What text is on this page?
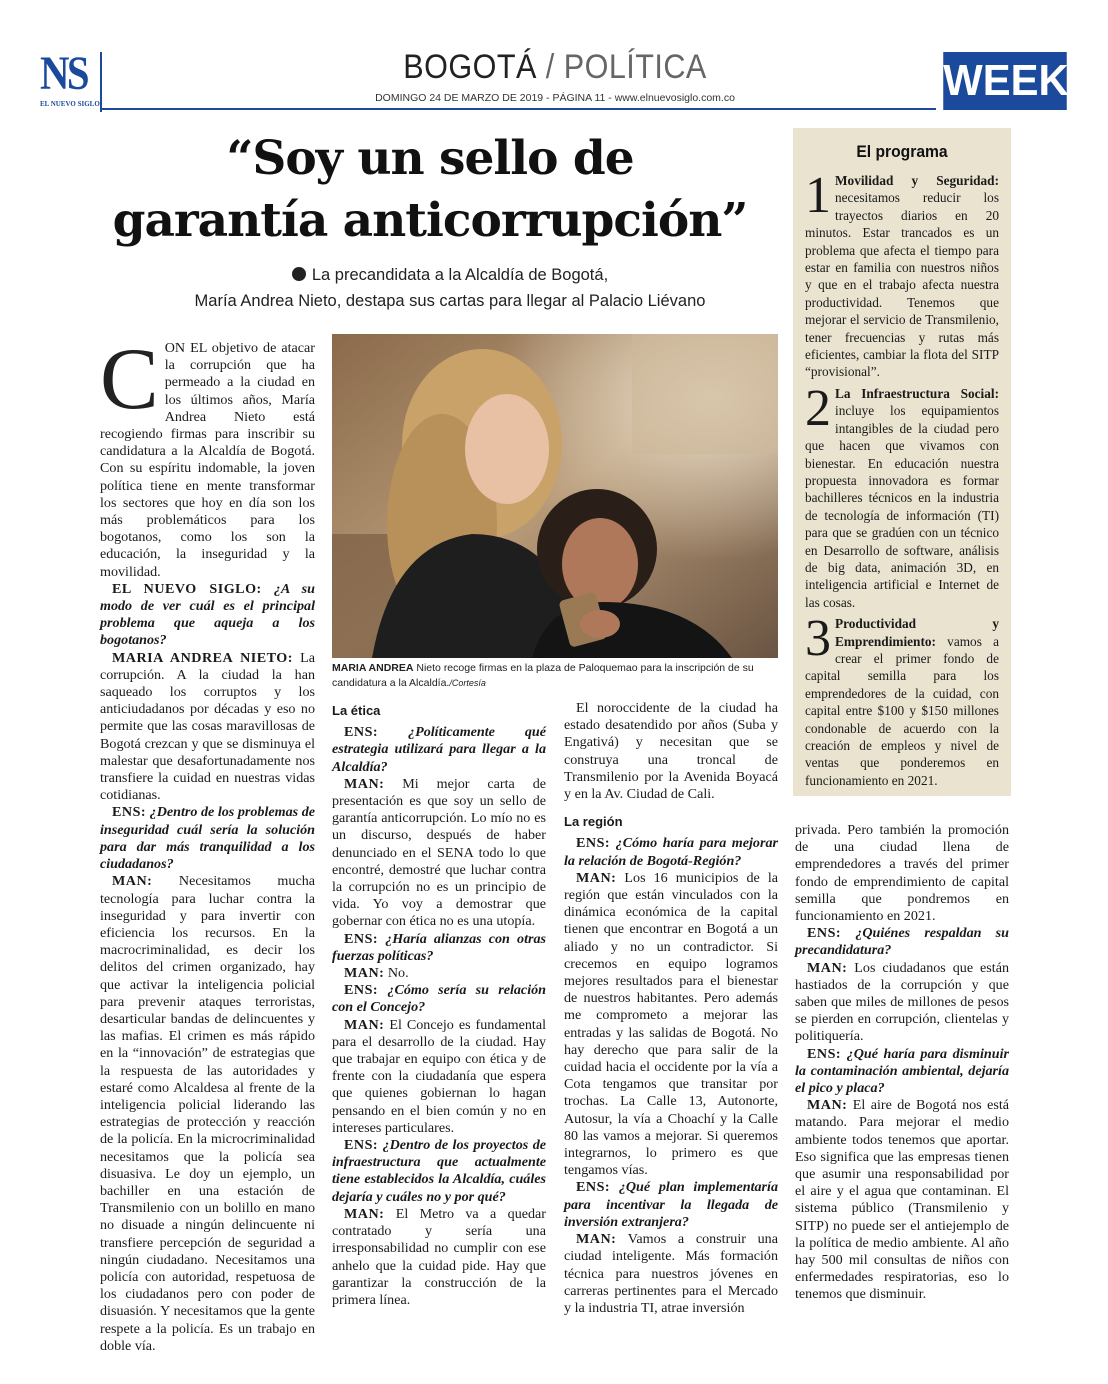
NS
EL NUEVO SIGLO
BOGOTÁ / POLÍTICA
DOMINGO 24 DE MARZO DE 2019 - PÁGINA 11 - www.elnuevosiglo.com.co	WEEK
“Soy un sello de
garantía anticorrupción”
La precandidata a la Alcaldía de Bogotá,
María Andrea Nieto, destapa sus cartas para llegar al Palacio Liévano
El programa
1 Movilidad y Seguridad: necesitamos reducir los trayectos diarios en 20 minutos. Estar trancados es un problema que afecta el tiempo para estar en familia con nuestros niños y que en el trabajo afecta nuestra productividad. Tenemos que mejorar el servicio de Transmilenio, tener frecuencias y rutas más eficientes, cambiar la flota del SITP “provisional”.
2 La Infraestructura Social: incluye los equipamientos intangibles de la ciudad pero que hacen que vivamos con bienestar. En educación nuestra propuesta innovadora es formar bachilleres técnicos en la industria de tecnología de información (TI) para que se gradúen con un técnico en Desarrollo de software, análisis de big data, animación 3D, en inteligencia artificial e Internet de las cosas.
3 Productividad y Emprendimiento: vamos a crear el primer fondo de capital semilla para los emprendedores de la cuidad, con capital entre $100 y $150 millones condonable de acuerdo con la creación de empleos y nivel de ventas que ponderemos en funcionamiento en 2021.
MARIA ANDREA Nieto recoge firmas en la plaza de Paloquemao para la inscripción de su candidatura a la Alcaldía./Cortesía
C ON EL objetivo de atacar la corrupción que ha permeado a la ciudad en los últimos años, María Andrea Nieto está recogiendo firmas para inscribir su candidatura a la Alcaldía de Bogotá. Con su espíritu indomable, la joven política tiene en mente transformar los sectores que hoy en día son los más problemáticos para los bogotanos, como los son la educación, la inseguridad y la movilidad.

EL NUEVO SIGLO: ¿A su modo de ver cuál es el principal problema que aqueja a los bogotanos?

MARIA ANDREA NIETO: La corrupción. A la ciudad la han saqueado los corruptos y los anticiudadanos por décadas y eso no permite que las cosas maravillosas de Bogotá crezcan y que se disminuya el malestar que desafortunadamente nos transfiere la cuidad en nuestras vidas cotidianas.

ENS: ¿Dentro de los problemas de inseguridad cuál sería la solución para dar más tranquilidad a los ciudadanos?

MAN: Necesitamos mucha tecnología para luchar contra la inseguridad y para invertir con eficiencia los recursos. En la macrocriminalidad, es decir los delitos del crimen organizado, hay que activar la inteligencia policial para prevenir ataques terroristas, desarticular bandas de delincuentes y las mafias. El crimen es más rápido en la “innovación” de estrategias que la respuesta de las autoridades y estaré como Alcaldesa al frente de la inteligencia policial liderando las estrategias de protección y reacción de la policía. En la microcriminalidad necesitamos que la policía sea disuasiva. Le doy un ejemplo, un bachiller en una estación de Transmilenio con un bolillo en mano no disuade a ningún delincuente ni transfiere percepción de seguridad a ningún ciudadano. Necesitamos una policía con autoridad, respetuosa de los ciudadanos pero con poder de disuasión. Y necesitamos que la gente respete a la policía. Es un trabajo en doble vía.

La ética

ENS: ¿Políticamente qué estrategia utilizará para llegar a la Alcaldía?

MAN: Mi mejor carta de presentación es que soy un sello de garantía anticorrupción. Lo mío no es un discurso, después de haber denunciado en el SENA todo lo que encontré, demostré que luchar contra la corrupción no es un principio de vida. Yo voy a demostrar que gobernar con ética no es una utopía.

ENS: ¿Haría alianzas con otras fuerzas políticas?

MAN: No.

ENS: ¿Cómo sería su relación con el Concejo?

MAN: El Concejo es fundamental para el desarrollo de la ciudad. Hay que trabajar en equipo con ética y de frente con la ciudadanía que espera que quienes gobiernan lo hagan pensando en el bien común y no en intereses particulares.

ENS: ¿Dentro de los proyectos de infraestructura que actualmente tiene establecidos la Alcaldía, cuáles dejaría y cuáles no y por qué?

MAN: El Metro va a quedar contratado y sería una irresponsabilidad no cumplir con ese anhelo que la cuidad pide. Hay que garantizar la construcción de la primera línea.

El noroccidente de la ciudad ha estado desatendido por años (Suba y Engativá) y necesitan que se construya una troncal de Transmilenio por la Avenida Boyacá y en la Av. Ciudad de Cali.

La región

ENS: ¿Cómo haría para mejorar la relación de Bogotá-Región?

MAN: Los 16 municipios de la región que están vinculados con la dinámica económica de la capital tienen que encontrar en Bogotá a un aliado y no un contradictor. Si crecemos en equipo logramos mejores resultados para el bienestar de nuestros habitantes. Pero además me comprometo a mejorar las entradas y las salidas de Bogotá. No hay derecho que para salir de la cuidad hacia el occidente por la vía a Cota tengamos que transitar por trochas. La Calle 13, Autonorte, Autosur, la vía a Choachí y la Calle 80 las vamos a mejorar. Si queremos integrarnos, lo primero es que tengamos vías.

ENS: ¿Qué plan implementaría para incentivar la llegada de inversión extranjera?

MAN: Vamos a construir una ciudad inteligente. Más formación técnica para nuestros jóvenes en carreras pertinentes para el Mercado y la industria TI, atrae inversión

privada. Pero también la promoción de una ciudad llena de emprendedores a través del primer fondo de emprendimiento de capital semilla que pondremos en funcionamiento en 2021.

ENS: ¿Quiénes respaldan su precandidatura?

MAN: Los ciudadanos que están hastiados de la corrupción y que saben que miles de millones de pesos se pierden en corrupción, clientelas y politiquería.

ENS: ¿Qué haría para disminuir la contaminación ambiental, dejaría el pico y placa?

MAN: El aire de Bogotá nos está matando. Para mejorar el medio ambiente todos tenemos que aportar. Eso significa que las empresas tienen que asumir una responsabilidad por el aire y el agua que contaminan. El sistema público (Transmilenio y SITP) no puede ser el antiejemplo de la política de medio ambiente. Al año hay 500 mil consultas de niños con enfermedades respiratorias, eso lo tenemos que disminuir.
